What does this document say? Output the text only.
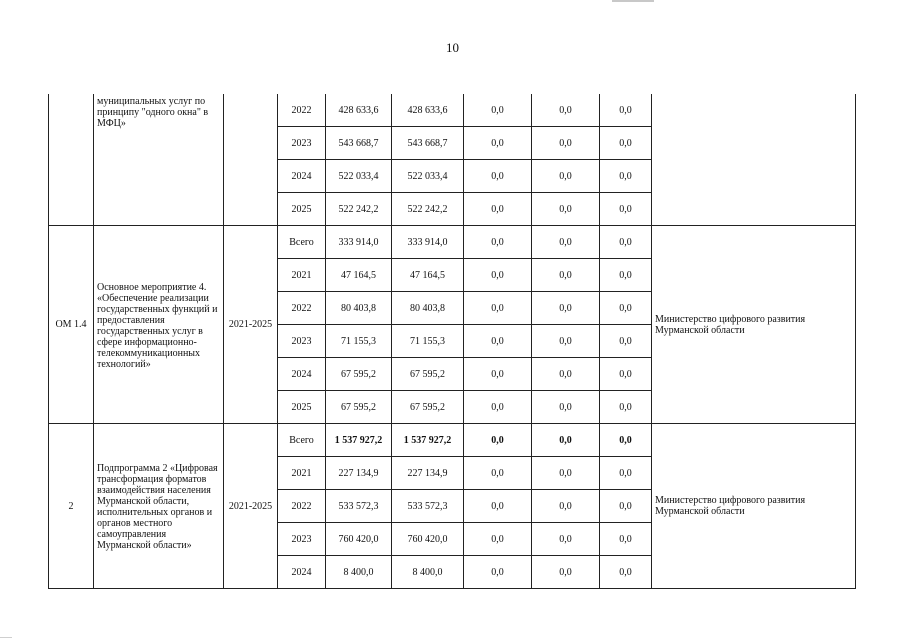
10
	муниципальных услуг по принципу "одного окна" в МФЦ»		2022	428 633,6	428 633,6	0,0	0,0	0,0	
			2023	543 668,7	543 668,7	0,0	0,0	0,0	
			2024	522 033,4	522 033,4	0,0	0,0	0,0	
			2025	522 242,2	522 242,2	0,0	0,0	0,0	
ОМ 1.4	Основное мероприятие 4. «Обеспечение реализации государственных функций и предоставления государственных услуг в сфере информационно-телекоммуникационных технологий»	2021-2025	Всего	333 914,0	333 914,0	0,0	0,0	0,0	Министерство цифрового развития Мурманской области
			2021	47 164,5	47 164,5	0,0	0,0	0,0	
			2022	80 403,8	80 403,8	0,0	0,0	0,0	
			2023	71 155,3	71 155,3	0,0	0,0	0,0	
			2024	67 595,2	67 595,2	0,0	0,0	0,0	
			2025	67 595,2	67 595,2	0,0	0,0	0,0	
2	Подпрограмма 2 «Цифровая трансформация форматов взаимодействия населения Мурманской области, исполнительных органов и органов местного самоуправления Мурманской области»	2021-2025	Всего	1 537 927,2	1 537 927,2	0,0	0,0	0,0	Министерство цифрового развития Мурманской области
			2021	227 134,9	227 134,9	0,0	0,0	0,0	
			2022	533 572,3	533 572,3	0,0	0,0	0,0	
			2023	760 420,0	760 420,0	0,0	0,0	0,0	
			2024	8 400,0	8 400,0	0,0	0,0	0,0	
